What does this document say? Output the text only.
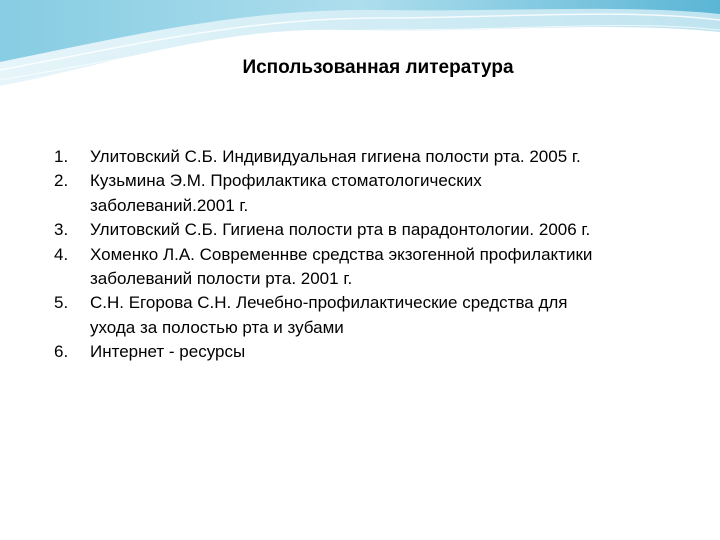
Использованная литература
1.	Улитовский С.Б. Индивидуальная гигиена полости рта. 2005 г.
2.	Кузьмина Э.М. Профилактика стоматологических
заболеваний.2001 г.
3.	Улитовский С.Б. Гигиена полости рта в парадонтологии. 2006 г.
4.	Хоменко Л.А. Современнве средства экзогенной профилактики
заболеваний полости рта. 2001 г.
5.	С.Н. Егорова С.Н. Лечебно-профилактические средства для
ухода за полостью рта и зубами
6.	Интернет - ресурсы
